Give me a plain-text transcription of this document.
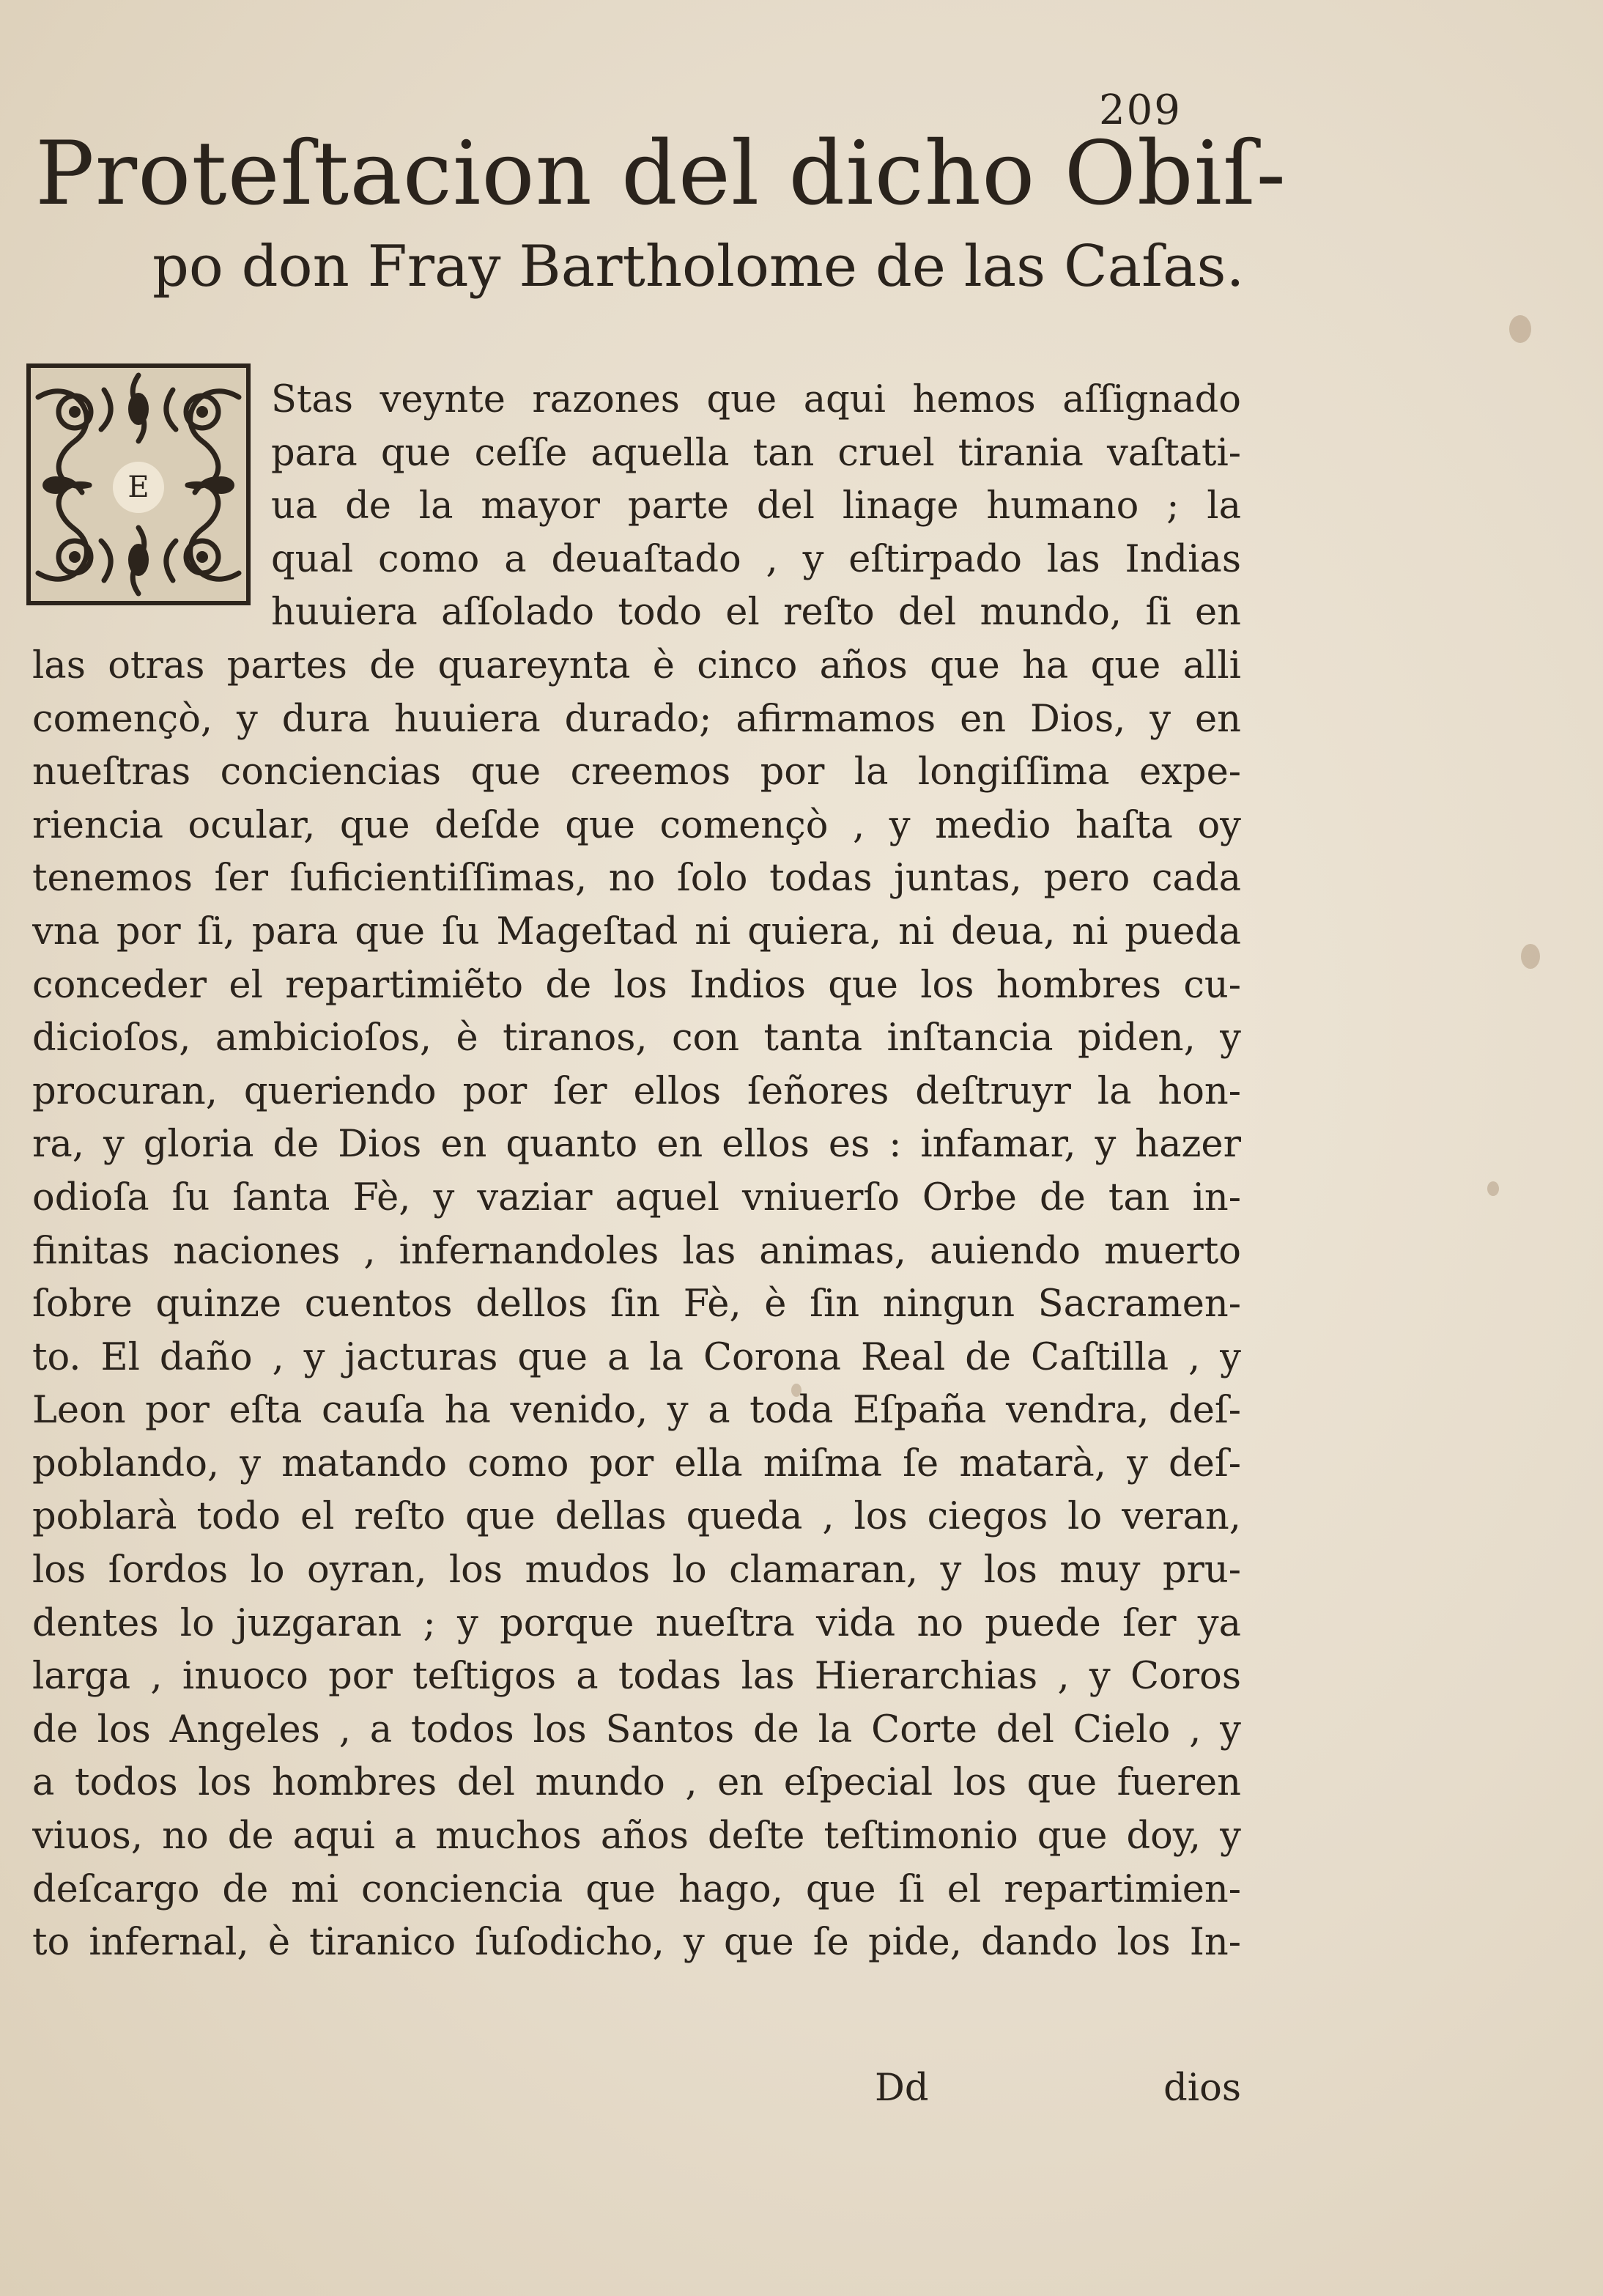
209
Proteſtacion del dicho Obiſ-
po don Fray Bartholome de las Caſas.
E
Stas veynte razones que aqui hemos aſſignado
para que ceſſe aquella tan cruel tirania vaſtati-
ua de la mayor parte del linage humano ; la
qual como a deuaſtado , y eſtirpado las Indias
huuiera aſſolado todo el reſto del mundo, ſi en
las otras partes de quareynta è cinco años que ha que alli
començò, y dura huuiera durado; afirmamos en Dios, y en
nueſtras conciencias que creemos por la longiſſima expe-
riencia ocular, que deſde que començò , y medio haſta oy
tenemos ſer ſuficientiſſimas, no ſolo todas juntas, pero cada
vna por ſi, para que ſu Mageſtad ni quiera, ni deua, ni pueda
conceder el repartimiẽto de los Indios que los hombres cu-
dicioſos, ambicioſos, è tiranos, con tanta inſtancia piden, y
procuran, queriendo por ſer ellos ſeñores deſtruyr la hon-
ra, y gloria de Dios en quanto en ellos es : infamar, y hazer
odioſa ſu ſanta Fè, y vaziar aquel vniuerſo Orbe de tan in-
finitas naciones , infernandoles las animas, auiendo muerto
ſobre quinze cuentos dellos ſin Fè, è ſin ningun Sacramen-
to. El daño , y jacturas que a la Corona Real de Caſtilla , y
Leon por eſta cauſa ha venido, y a toda Eſpaña vendra, deſ-
poblando, y matando como por ella miſma ſe matarà, y deſ-
poblarà todo el reſto que dellas queda , los ciegos lo veran,
los ſordos lo oyran, los mudos lo clamaran, y los muy pru-
dentes lo juzgaran ; y porque nueſtra vida no puede ſer ya
larga , inuoco por teſtigos a todas las Hierarchias , y Coros
de los Angeles , a todos los Santos de la Corte del Cielo , y
a todos los hombres del mundo , en eſpecial los que fueren
viuos, no de aqui a muchos años deſte teſtimonio que doy, y
deſcargo de mi conciencia que hago, que ſi el repartimien-
to infernal, è tiranico ſuſodicho, y que ſe pide, dando los In-
Dd	dios
